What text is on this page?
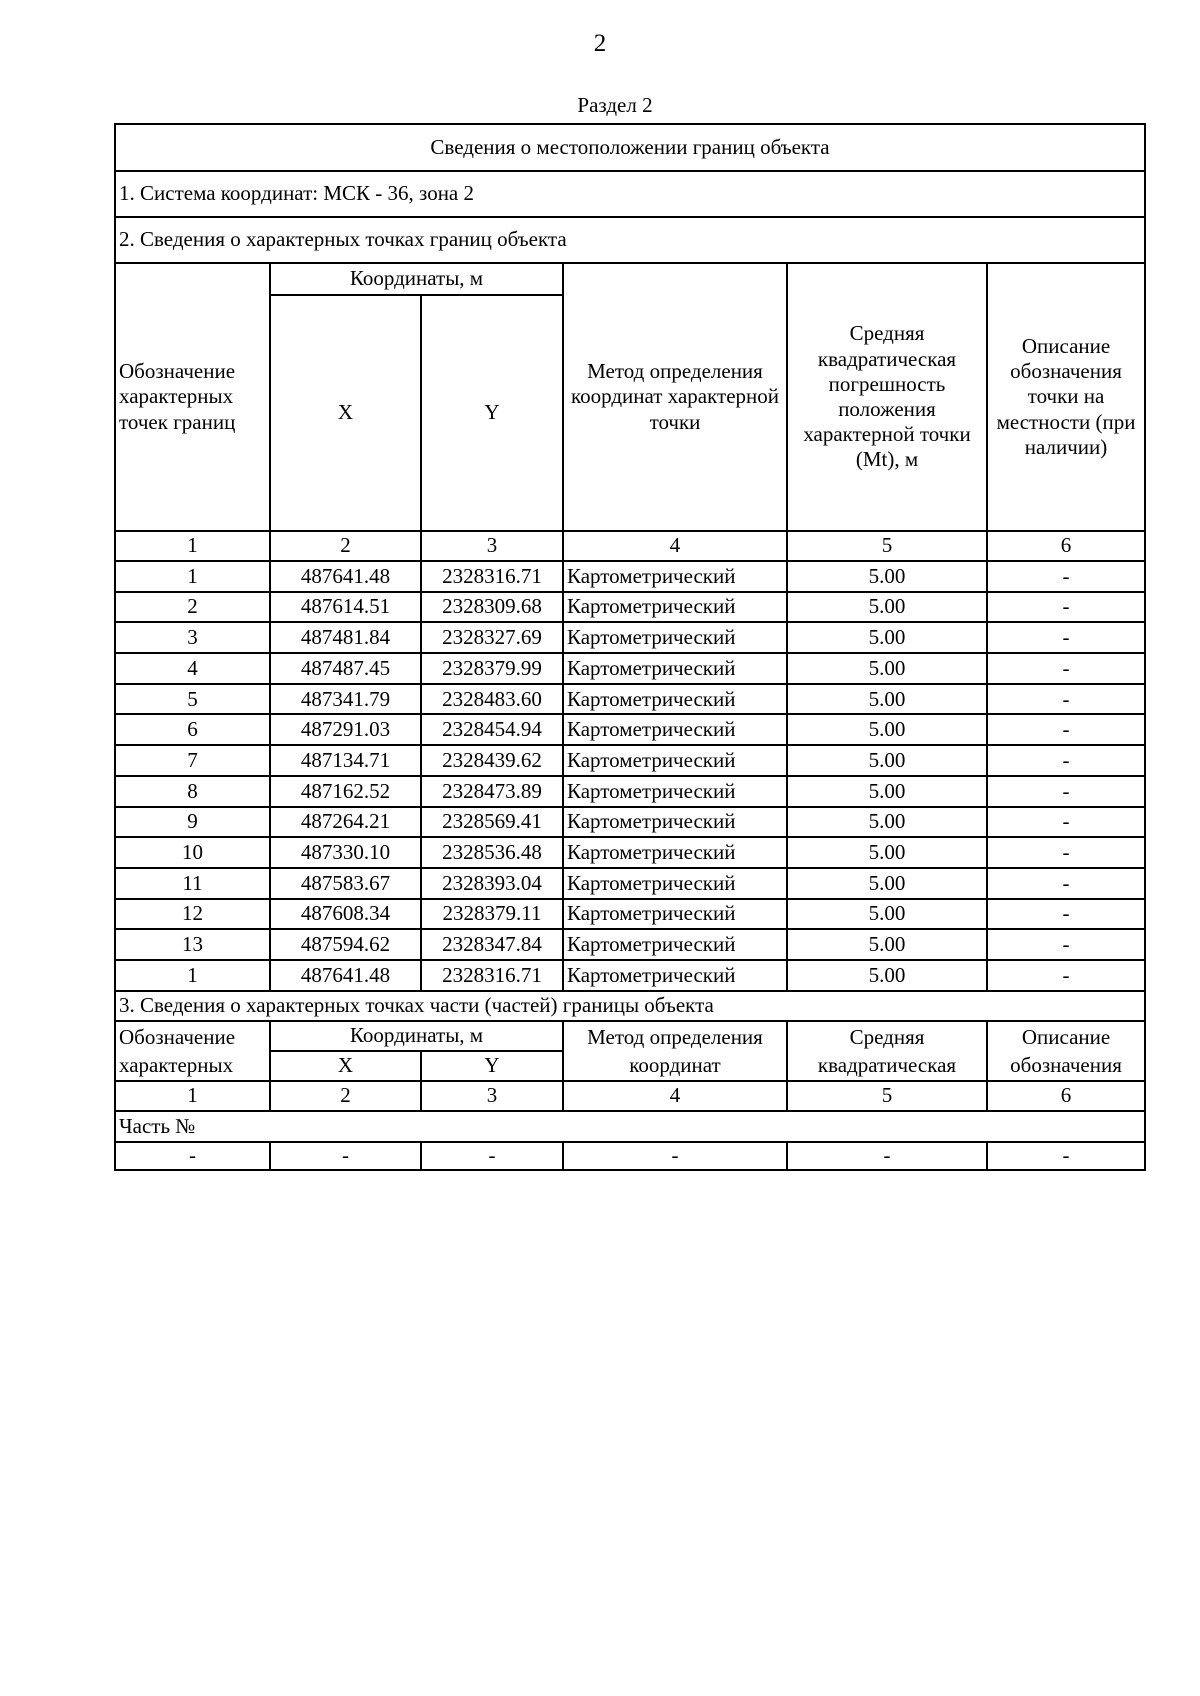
2
Раздел 2
Сведения о местоположении границ объекта					
1. Система координат: МСК - 36, зона 2					
2. Сведения о характерных точках границ объекта					
Обозначение характерных точек границ	Координаты, м		Метод определения координат характерной точки	Средняя квадратическая погрешность положения характерной точки (Mt), м	Описание обозначения точки на местности (при наличии)
	X	Y			
1	2	3	4	5	6
1	487641.48	2328316.71	Картометрический	5.00	-
2	487614.51	2328309.68	Картометрический	5.00	-
3	487481.84	2328327.69	Картометрический	5.00	-
4	487487.45	2328379.99	Картометрический	5.00	-
5	487341.79	2328483.60	Картометрический	5.00	-
6	487291.03	2328454.94	Картометрический	5.00	-
7	487134.71	2328439.62	Картометрический	5.00	-
8	487162.52	2328473.89	Картометрический	5.00	-
9	487264.21	2328569.41	Картометрический	5.00	-
10	487330.10	2328536.48	Картометрический	5.00	-
11	487583.67	2328393.04	Картометрический	5.00	-
12	487608.34	2328379.11	Картометрический	5.00	-
13	487594.62	2328347.84	Картометрический	5.00	-
1	487641.48	2328316.71	Картометрический	5.00	-
3. Сведения о характерных точках части (частей) границы объекта					

Обозначение характерных	Координаты, м		Метод определения координат	Средняя квадратическая	Описание обозначения

	X	Y			
1	2	3	4	5	6
Часть №					
-	-	-	-	-	-
